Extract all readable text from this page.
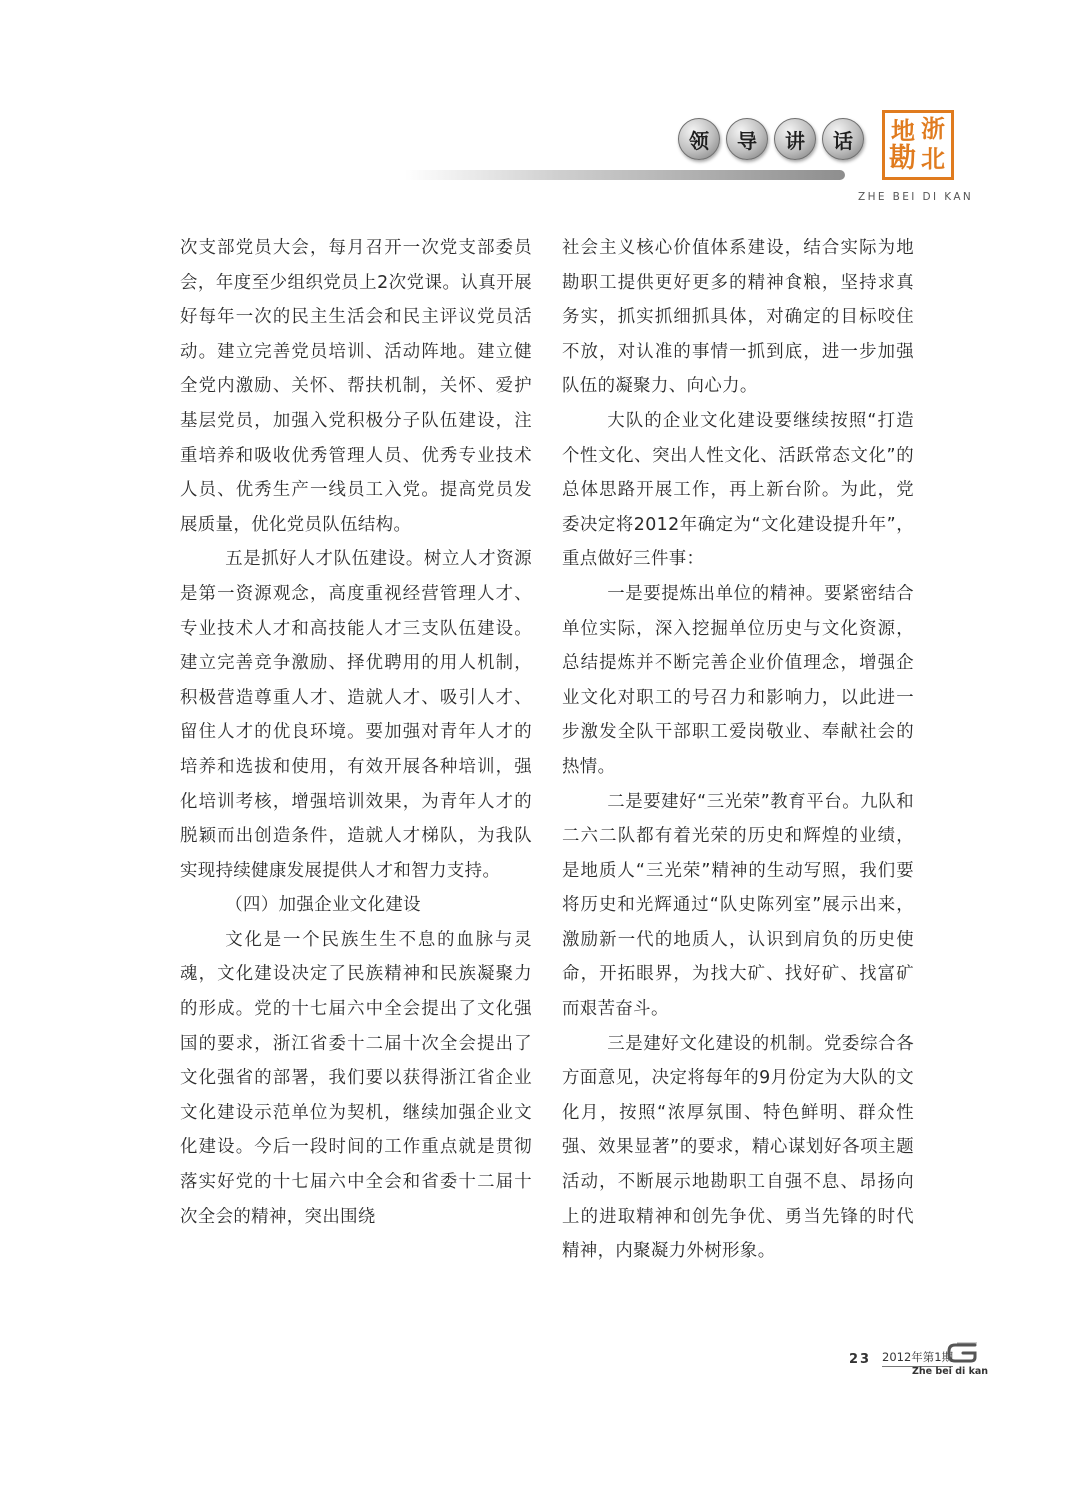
领	导	讲	话	地 浙
勘 北
ZHE BEI DI KAN

次支部党员大会，每月召开一次党支部委员会，年度至少组织党员上2次党课。认真开展好每年一次的民主生活会和民主评议党员活动。建立完善党员培训、活动阵地。建立健全党内激励、关怀、帮扶机制，关怀、爱护基层党员，加强入党积极分子队伍建设，注重培养和吸收优秀管理人员、优秀专业技术人员、优秀生产一线员工入党。提高党员发展质量，优化党员队伍结构。

五是抓好人才队伍建设。树立人才资源是第一资源观念，高度重视经营管理人才、专业技术人才和高技能人才三支队伍建设。建立完善竞争激励、择优聘用的用人机制，积极营造尊重人才、造就人才、吸引人才、留住人才的优良环境。要加强对青年人才的培养和选拔和使用，有效开展各种培训，强化培训考核，增强培训效果，为青年人才的脱颖而出创造条件，造就人才梯队，为我队实现持续健康发展提供人才和智力支持。

（四）加强企业文化建设

文化是一个民族生生不息的血脉与灵魂，文化建设决定了民族精神和民族凝聚力的形成。党的十七届六中全会提出了文化强国的要求，浙江省委十二届十次全会提出了文化强省的部署，我们要以获得浙江省企业文化建设示范单位为契机，继续加强企业文化建设。今后一段时间的工作重点就是贯彻落实好党的十七届六中全会和省委十二届十次全会的精神，突出围绕

社会主义核心价值体系建设，结合实际为地勘职工提供更好更多的精神食粮，坚持求真务实，抓实抓细抓具体，对确定的目标咬住不放，对认准的事情一抓到底，进一步加强队伍的凝聚力、向心力。

大队的企业文化建设要继续按照“打造个性文化、突出人性文化、活跃常态文化”的总体思路开展工作，再上新台阶。为此，党委决定将2012年确定为“文化建设提升年”，重点做好三件事：

一是要提炼出单位的精神。要紧密结合单位实际，深入挖掘单位历史与文化资源，总结提炼并不断完善企业价值理念，增强企业文化对职工的号召力和影响力，以此进一步激发全队干部职工爱岗敬业、奉献社会的热情。

二是要建好“三光荣”教育平台。九队和二六二队都有着光荣的历史和辉煌的业绩，是地质人“三光荣”精神的生动写照，我们要将历史和光辉通过“队史陈列室”展示出来，激励新一代的地质人，认识到肩负的历史使命，开拓眼界，为找大矿、找好矿、找富矿而艰苦奋斗。

三是建好文化建设的机制。党委综合各方面意见，决定将每年的9月份定为大队的文化月，按照“浓厚氛围、特色鲜明、群众性强、效果显著”的要求，精心谋划好各项主题活动，不断展示地勘职工自强不息、昂扬向上的进取精神和创先争优、勇当先锋的时代精神，内聚凝力外树形象。

23 2012年第1期
Zhe bei di kan
